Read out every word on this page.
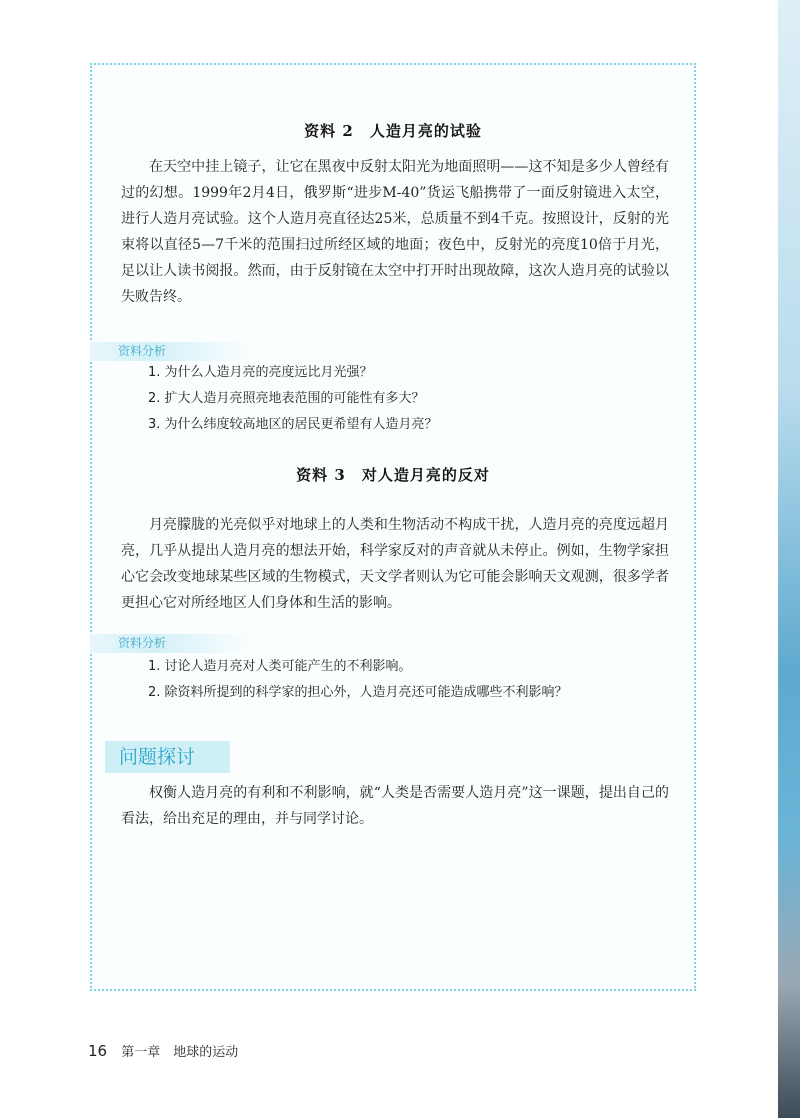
资料 2　人造月亮的试验

在天空中挂上镜子，让它在黑夜中反射太阳光为地面照明——这不知是多少人曾经有过的幻想。1999年2月4日，俄罗斯“进步M-40”货运飞船携带了一面反射镜进入太空，进行人造月亮试验。这个人造月亮直径达25米，总质量不到4千克。按照设计，反射的光束将以直径5—7千米的范围扫过所经区域的地面；夜色中，反射光的亮度10倍于月光，足以让人读书阅报。然而，由于反射镜在太空中打开时出现故障，这次人造月亮的试验以失败告终。

资料分析
1. 为什么人造月亮的亮度远比月光强？
2. 扩大人造月亮照亮地表范围的可能性有多大？
3. 为什么纬度较高地区的居民更希望有人造月亮？
资料 3　对人造月亮的反对

月亮朦胧的光亮似乎对地球上的人类和生物活动不构成干扰，人造月亮的亮度远超月亮，几乎从提出人造月亮的想法开始，科学家反对的声音就从未停止。例如，生物学家担心它会改变地球某些区域的生物模式，天文学者则认为它可能会影响天文观测，很多学者更担心它对所经地区人们身体和生活的影响。

资料分析
1. 讨论人造月亮对人类可能产生的不利影响。
2. 除资料所提到的科学家的担心外，人造月亮还可能造成哪些不利影响？
问题探讨

权衡人造月亮的有利和不利影响，就“人类是否需要人造月亮”这一课题，提出自己的看法，给出充足的理由，并与同学讨论。

16 第一章　地球的运动
